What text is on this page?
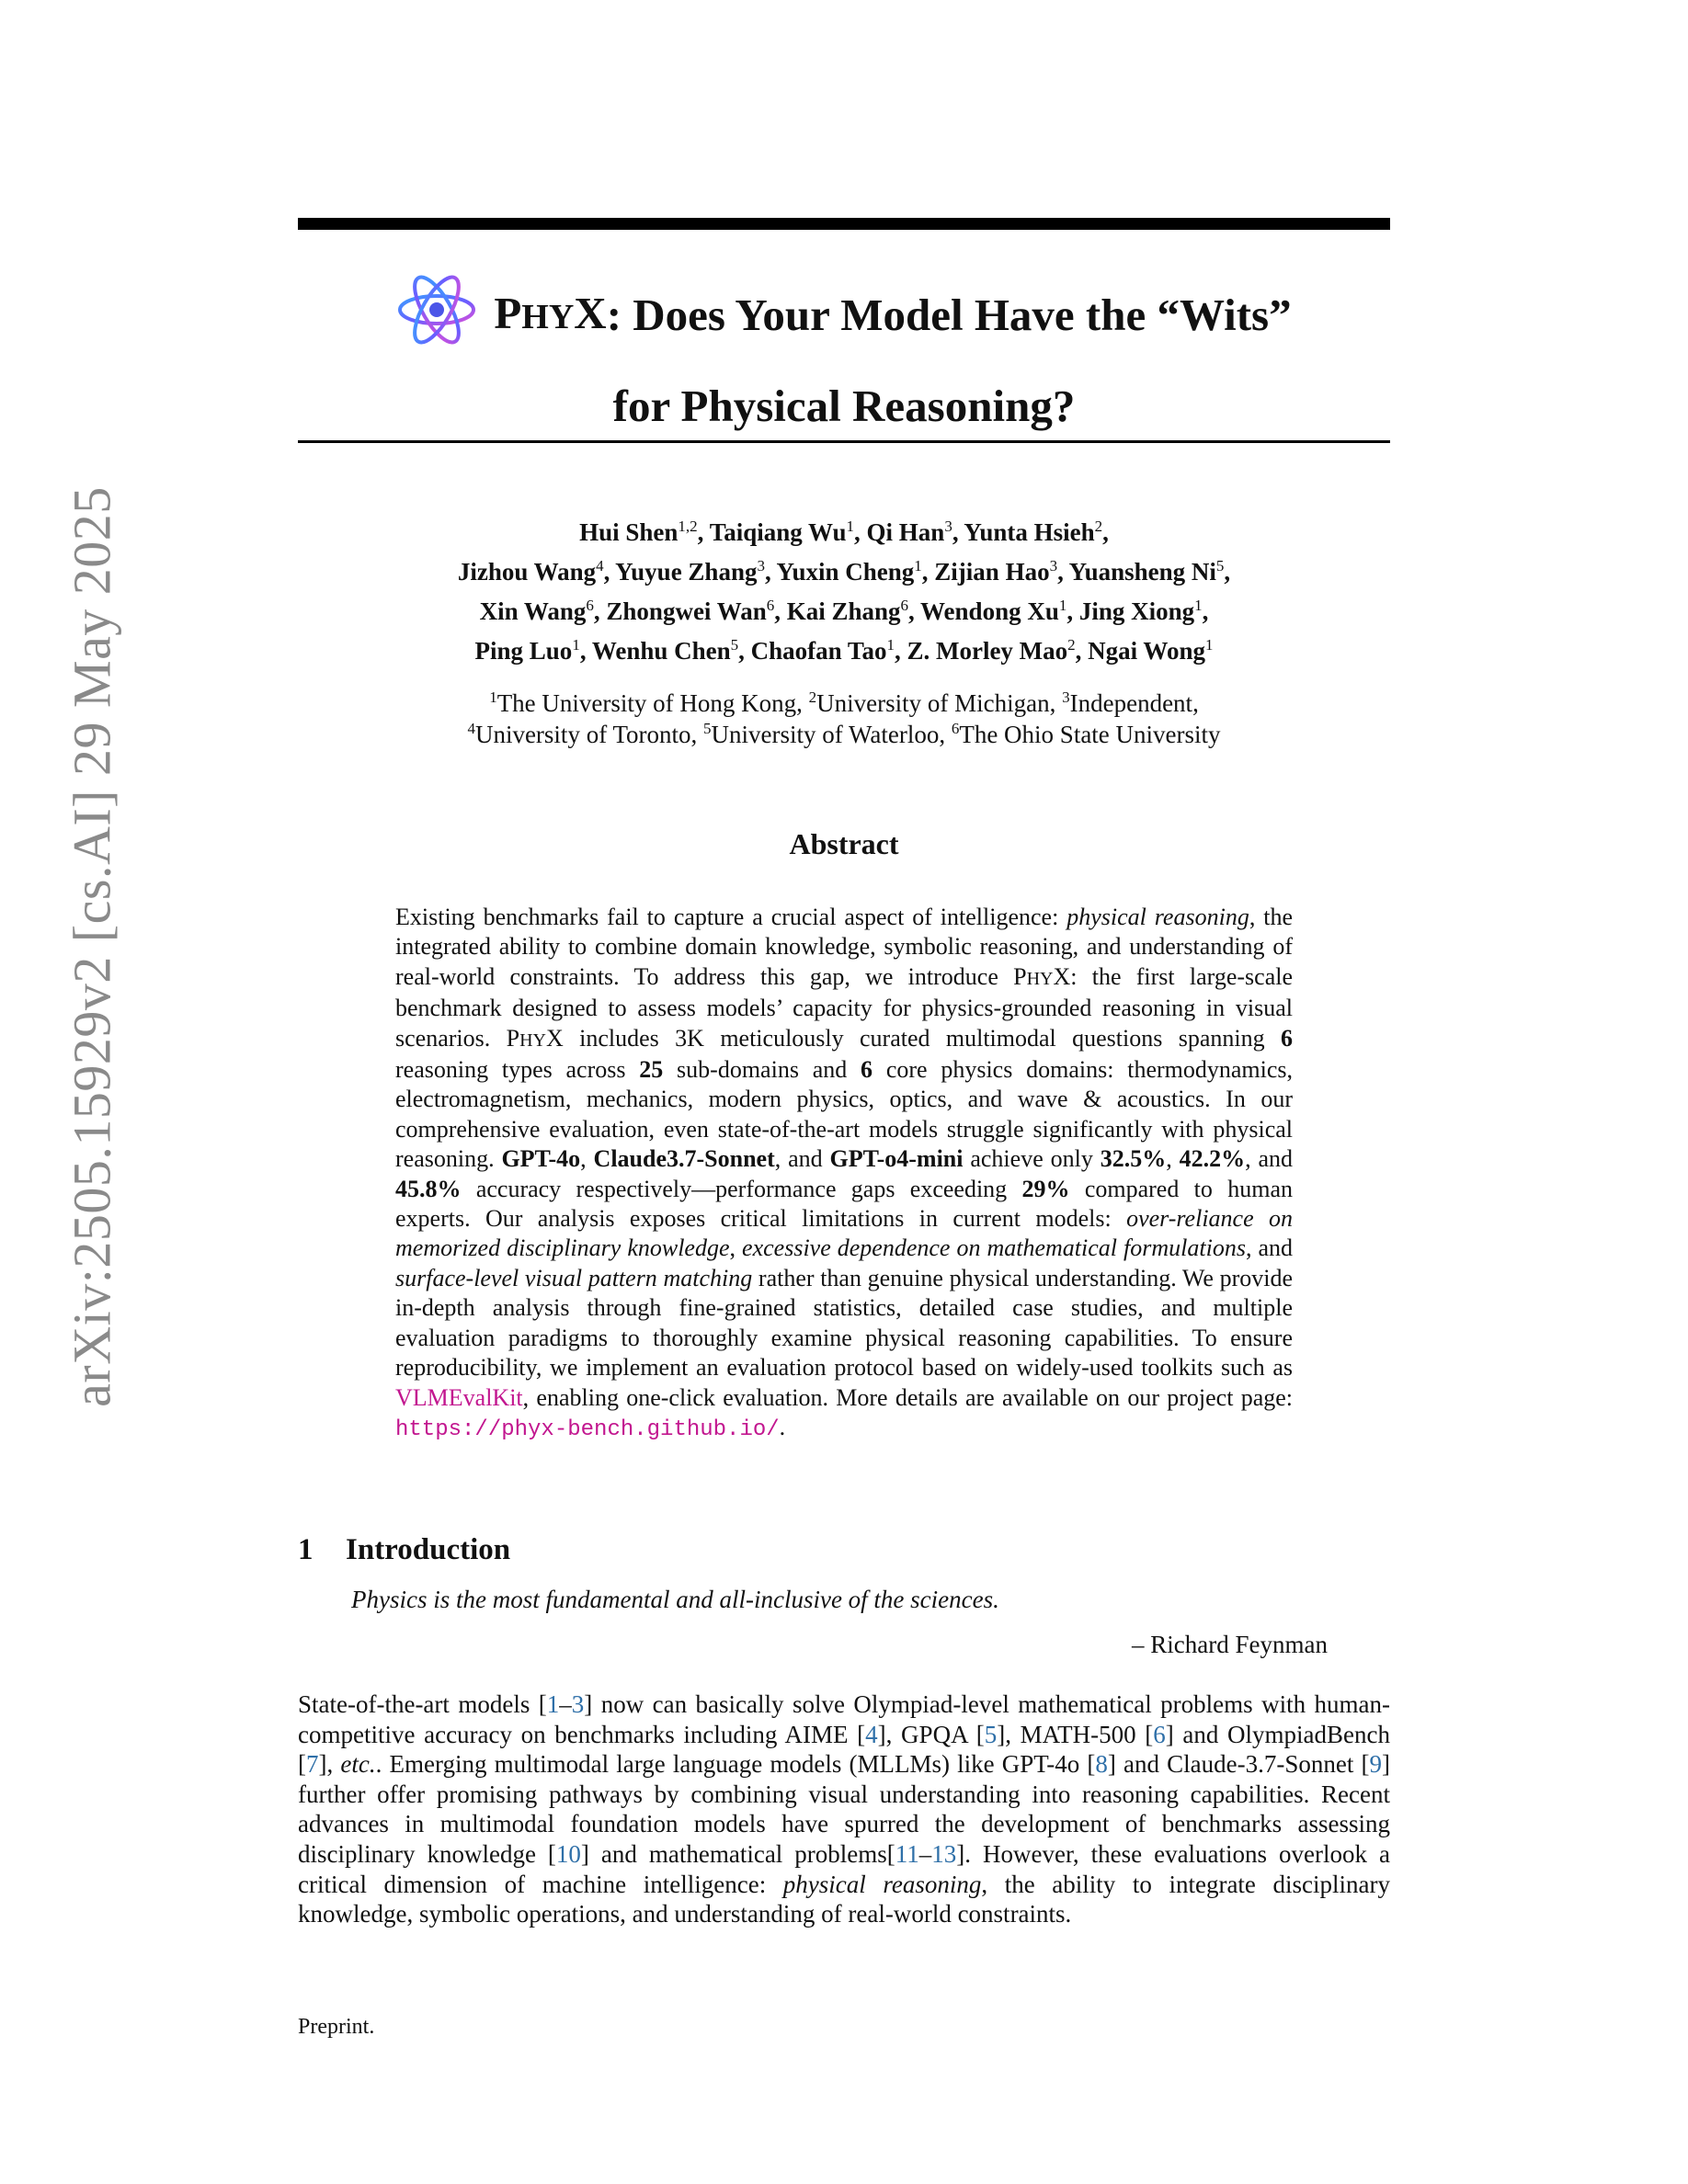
arXiv:2505.15929v2 [cs.AI] 29 May 2025
PHYX : Does Your Model Have the “Wits”
for Physical Reasoning?
Hui Shen$^{1,2}$, Taiqiang Wu$^1$, Qi Han$^3$, Yunta Hsieh$^2$,
Jizhou Wang$^4$, Yuyue Zhang$^3$, Yuxin Cheng$^1$, Zijian Hao$^3$, Yuansheng Ni$^5$,
Xin Wang$^6$, Zhongwei Wan$^6$, Kai Zhang$^6$, Wendong Xu$^1$, Jing Xiong$^1$,
Ping Luo$^1$, Wenhu Chen$^5$, Chaofan Tao$^1$, Z. Morley Mao$^2$, Ngai Wong$^1$
$^1$The University of Hong Kong, $^2$University of Michigan, $^3$Independent,
$^4$University of Toronto, $^5$University of Waterloo, $^6$The Ohio State University
Abstract

Existing benchmarks fail to capture a crucial aspect of intelligence: physical reasoning, the integrated ability to combine domain knowledge, symbolic reasoning, and understanding of real-world constraints. To address this gap, we introduce PHYX: the first large-scale benchmark designed to assess models’ capacity for physics-grounded reasoning in visual scenarios. PHYX includes 3K meticulously curated multimodal questions spanning 6 reasoning types across 25 sub-domains and 6 core physics domains: thermodynamics, electromagnetism, mechanics, modern physics, optics, and wave & acoustics. In our comprehensive evaluation, even state-of-the-art models struggle significantly with physical reasoning. GPT-4o, Claude3.7-Sonnet, and GPT-o4-mini achieve only 32.5%, 42.2%, and 45.8% accuracy respectively—performance gaps exceeding 29% compared to human experts. Our analysis exposes critical limitations in current models: over-reliance on memorized disciplinary knowledge, excessive dependence on mathematical formulations, and surface-level visual pattern matching rather than genuine physical understanding. We provide in-depth analysis through fine-grained statistics, detailed case studies, and multiple evaluation paradigms to thoroughly examine physical reasoning capabilities. To ensure reproducibility, we implement an evaluation protocol based on widely-used toolkits such as VLMEvalKit, enabling one-click evaluation. More details are available on our project page: https://phyx-bench.github.io/.

1 Introduction
Physics is the most fundamental and all-inclusive of the sciences.
– Richard Feynman

State-of-the-art models [1–3] now can basically solve Olympiad-level mathematical problems with human-competitive accuracy on benchmarks including AIME [4], GPQA [5], MATH-500 [6] and OlympiadBench [7], etc.. Emerging multimodal large language models (MLLMs) like GPT-4o [8] and Claude-3.7-Sonnet [9] further offer promising pathways by combining visual understanding into reasoning capabilities. Recent advances in multimodal foundation models have spurred the development of benchmarks assessing disciplinary knowledge [10] and mathematical problems[11–13]. However, these evaluations overlook a critical dimension of machine intelligence: physical reasoning, the ability to integrate disciplinary knowledge, symbolic operations, and understanding of real-world constraints.

Preprint.
